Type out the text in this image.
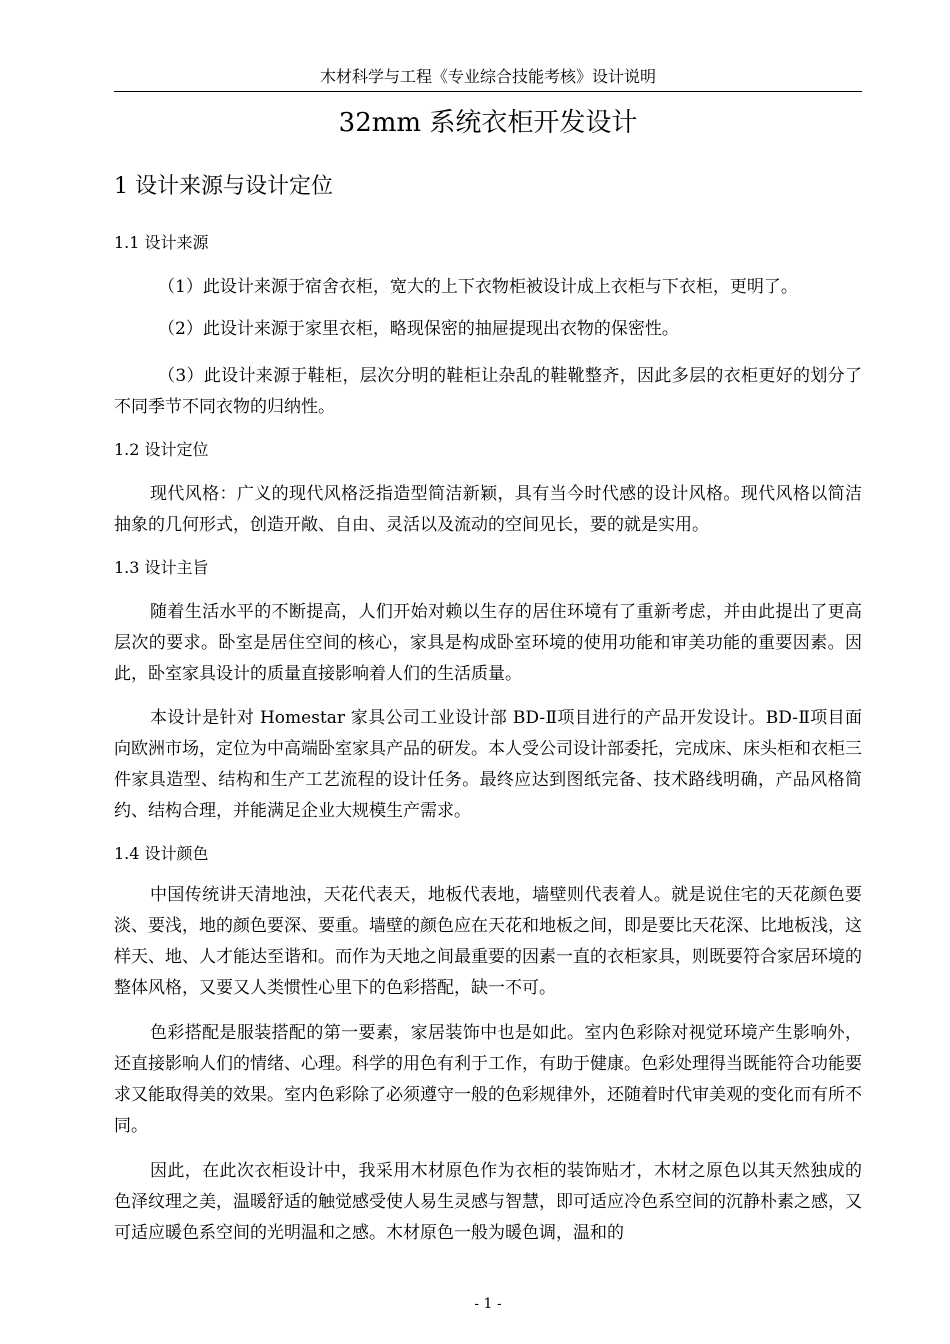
木材科学与工程《专业综合技能考核》设计说明
32mm 系统衣柜开发设计
1 设计来源与设计定位
1.1 设计来源
（1）此设计来源于宿舍衣柜，宽大的上下衣物柜被设计成上衣柜与下衣柜，更明了。
（2）此设计来源于家里衣柜，略现保密的抽屉提现出衣物的保密性。
（3）此设计来源于鞋柜，层次分明的鞋柜让杂乱的鞋靴整齐，因此多层的衣柜更好的划分了不同季节不同衣物的归纳性。
1.2 设计定位
现代风格：广义的现代风格泛指造型简洁新颖，具有当今时代感的设计风格。现代风格以简洁抽象的几何形式，创造开敞、自由、灵活以及流动的空间见长，要的就是实用。
1.3 设计主旨
随着生活水平的不断提高，人们开始对赖以生存的居住环境有了重新考虑，并由此提出了更高层次的要求。卧室是居住空间的核心，家具是构成卧室环境的使用功能和审美功能的重要因素。因此，卧室家具设计的质量直接影响着人们的生活质量。
本设计是针对 Homestar 家具公司工业设计部 BD-Ⅱ项目进行的产品开发设计。BD-Ⅱ项目面向欧洲市场，定位为中高端卧室家具产品的研发。本人受公司设计部委托，完成床、床头柜和衣柜三件家具造型、结构和生产工艺流程的设计任务。最终应达到图纸完备、技术路线明确，产品风格简约、结构合理，并能满足企业大规模生产需求。
1.4 设计颜色
中国传统讲天清地浊，天花代表天，地板代表地，墙壁则代表着人。就是说住宅的天花颜色要淡、要浅，地的颜色要深、要重。墙壁的颜色应在天花和地板之间，即是要比天花深、比地板浅，这样天、地、人才能达至谐和。而作为天地之间最重要的因素一直的衣柜家具，则既要符合家居环境的整体风格，又要又人类惯性心里下的色彩搭配，缺一不可。
色彩搭配是服装搭配的第一要素，家居装饰中也是如此。室内色彩除对视觉环境产生影响外，还直接影响人们的情绪、心理。科学的用色有利于工作，有助于健康。色彩处理得当既能符合功能要求又能取得美的效果。室内色彩除了必须遵守一般的色彩规律外，还随着时代审美观的变化而有所不同。
因此，在此次衣柜设计中，我采用木材原色作为衣柜的装饰贴才，木材之原色以其天然独成的色泽纹理之美，温暖舒适的触觉感受使人易生灵感与智慧，即可适应冷色系空间的沉静朴素之感，又可适应暖色系空间的光明温和之感。木材原色一般为暖色调，温和的
- 1 -
